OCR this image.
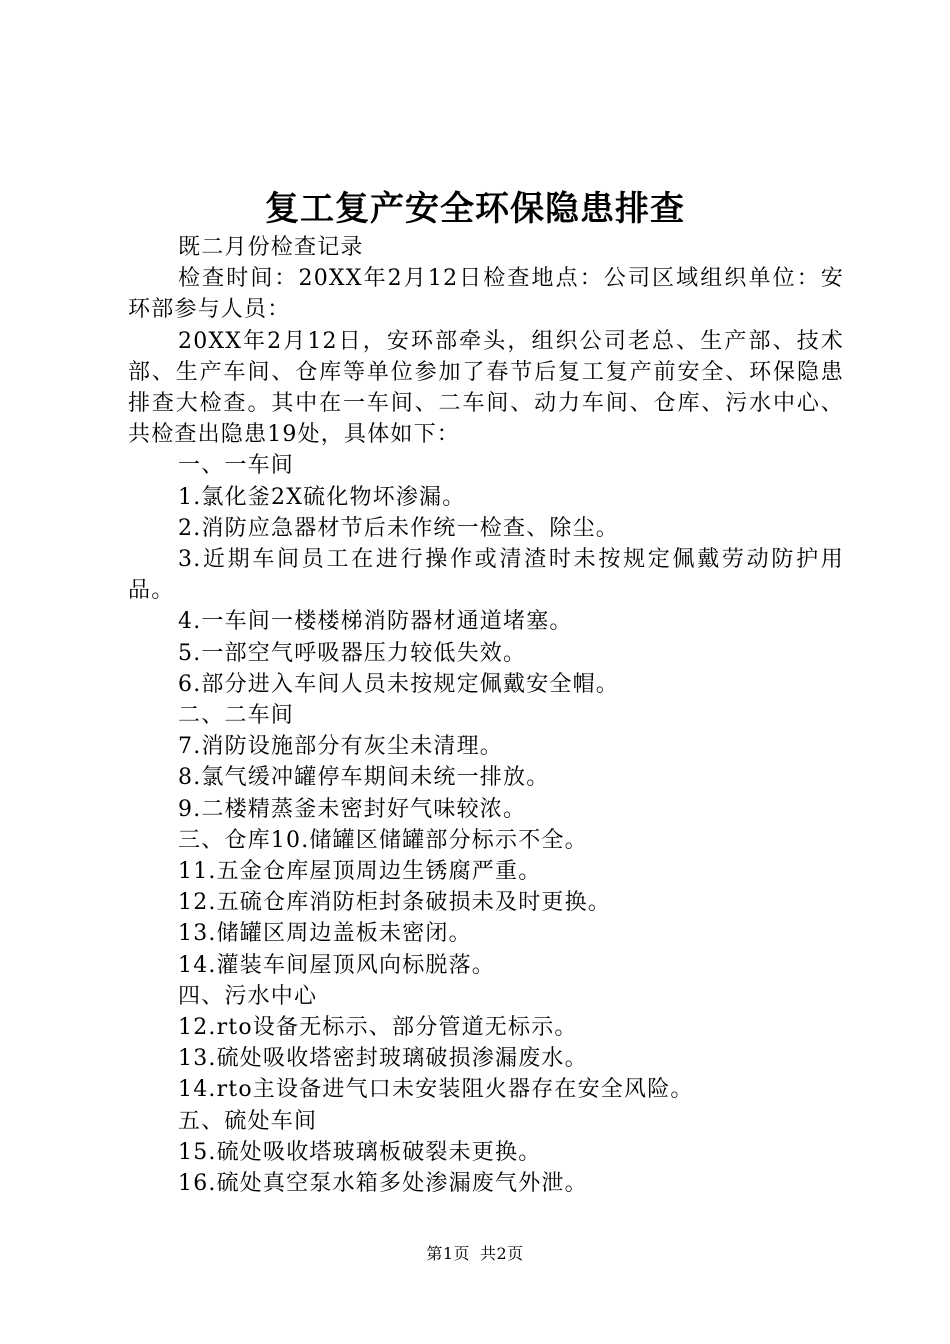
复工复产安全环保隐患排查

既二月份检查记录

检查时间：20XX年2月12日检查地点：公司区域组织单位：安环部参与人员：

20XX年2月12日，安环部牵头，组织公司老总、生产部、技术部、生产车间、仓库等单位参加了春节后复工复产前安全、环保隐患排查大检查。其中在一车间、二车间、动力车间、仓库、污水中心、共检查出隐患19处，具体如下：

一、一车间

1.氯化釜2X硫化物坏渗漏。

2.消防应急器材节后未作统一检查、除尘。

3.近期车间员工在进行操作或清渣时未按规定佩戴劳动防护用品。

4.一车间一楼楼梯消防器材通道堵塞。

5.一部空气呼吸器压力较低失效。

6.部分进入车间人员未按规定佩戴安全帽。

二、二车间

7.消防设施部分有灰尘未清理。

8.氯气缓冲罐停车期间未统一排放。

9.二楼精蒸釜未密封好气味较浓。

三、仓库10.储罐区储罐部分标示不全。

11.五金仓库屋顶周边生锈腐严重。

12.五硫仓库消防柜封条破损未及时更换。

13.储罐区周边盖板未密闭。

14.灌装车间屋顶风向标脱落。

四、污水中心

12.rto设备无标示、部分管道无标示。

13.硫处吸收塔密封玻璃破损渗漏废水。

14.rto主设备进气口未安装阻火器存在安全风险。

五、硫处车间

15.硫处吸收塔玻璃板破裂未更换。

16.硫处真空泵水箱多处渗漏废气外泄。

第1页 共2页
